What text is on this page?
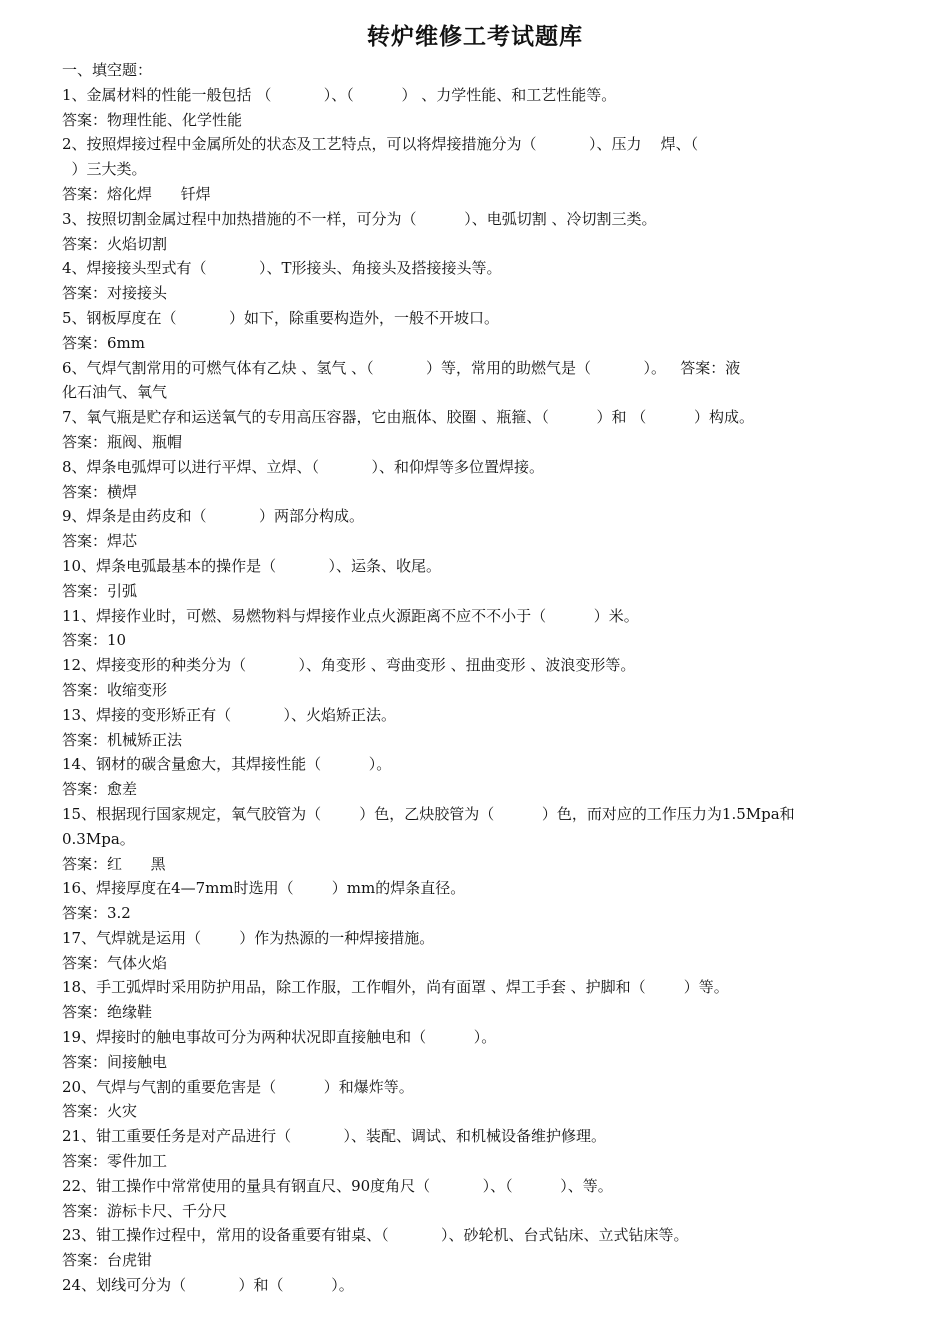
转炉维修工考试题库
一、填空题：
1、金属材料的性能一般包括 （           ）、（          ） 、力学性能、和工艺性能等。
答案：物理性能、化学性能
2、按照焊接过程中金属所处的状态及工艺特点，可以将焊接措施分为（           ）、压力    焊、（
）三大类。
答案：熔化焊      钎焊
3、按照切割金属过程中加热措施的不一样，可分为（          ）、电弧切割 、冷切割三类。
答案：火焰切割
4、焊接接头型式有（           ）、T形接头、角接头及搭接接头等。
答案：对接接头
5、钢板厚度在（           ）如下，除重要构造外，一般不开坡口。
答案：6mm
6、气焊气割常用的可燃气体有乙炔 、氢气 、（           ）等，常用的助燃气是（           ）。   答案：液
化石油气、氧气
7、氧气瓶是贮存和运送氧气的专用高压容器，它由瓶体、胶圈 、瓶箍、（          ）和 （          ）构成。
答案：瓶阀、瓶帽
8、焊条电弧焊可以进行平焊、立焊、（           ）、和仰焊等多位置焊接。
答案：横焊
9、焊条是由药皮和（           ）两部分构成。
答案：焊芯
10、焊条电弧最基本的操作是（           ）、运条、收尾。
答案：引弧
11、焊接作业时，可燃、易燃物料与焊接作业点火源距离不应不不小于（          ）米。
答案：10
12、焊接变形的种类分为（           ）、角变形 、弯曲变形 、扭曲变形 、波浪变形等。
答案：收缩变形
13、焊接的变形矫正有（           ）、火焰矫正法。
答案：机械矫正法
14、钢材的碳含量愈大，其焊接性能（          ）。
答案：愈差
15、根据现行国家规定，氧气胶管为（        ）色，乙炔胶管为（          ）色，而对应的工作压力为1.5Mpa和
0.3Mpa。
答案：红      黑
16、焊接厚度在4—7mm时选用（        ）mm的焊条直径。
答案：3.2
17、气焊就是运用（        ）作为热源的一种焊接措施。
答案：气体火焰
18、手工弧焊时采用防护用品，除工作服，工作帽外，尚有面罩 、焊工手套 、护脚和（        ）等。
答案：绝缘鞋
19、焊接时的触电事故可分为两种状况即直接触电和（          ）。
答案：间接触电
20、气焊与气割的重要危害是（          ）和爆炸等。
答案：火灾
21、钳工重要任务是对产品进行（           ）、装配、调试、和机械设备维护修理。
答案：零件加工
22、钳工操作中常常使用的量具有钢直尺、90度角尺（           ）、（          ）、等。
答案：游标卡尺、千分尺
23、钳工操作过程中，常用的设备重要有钳桌、（           ）、砂轮机、台式钻床、立式钻床等。
答案：台虎钳
24、划线可分为（           ）和（          ）。
